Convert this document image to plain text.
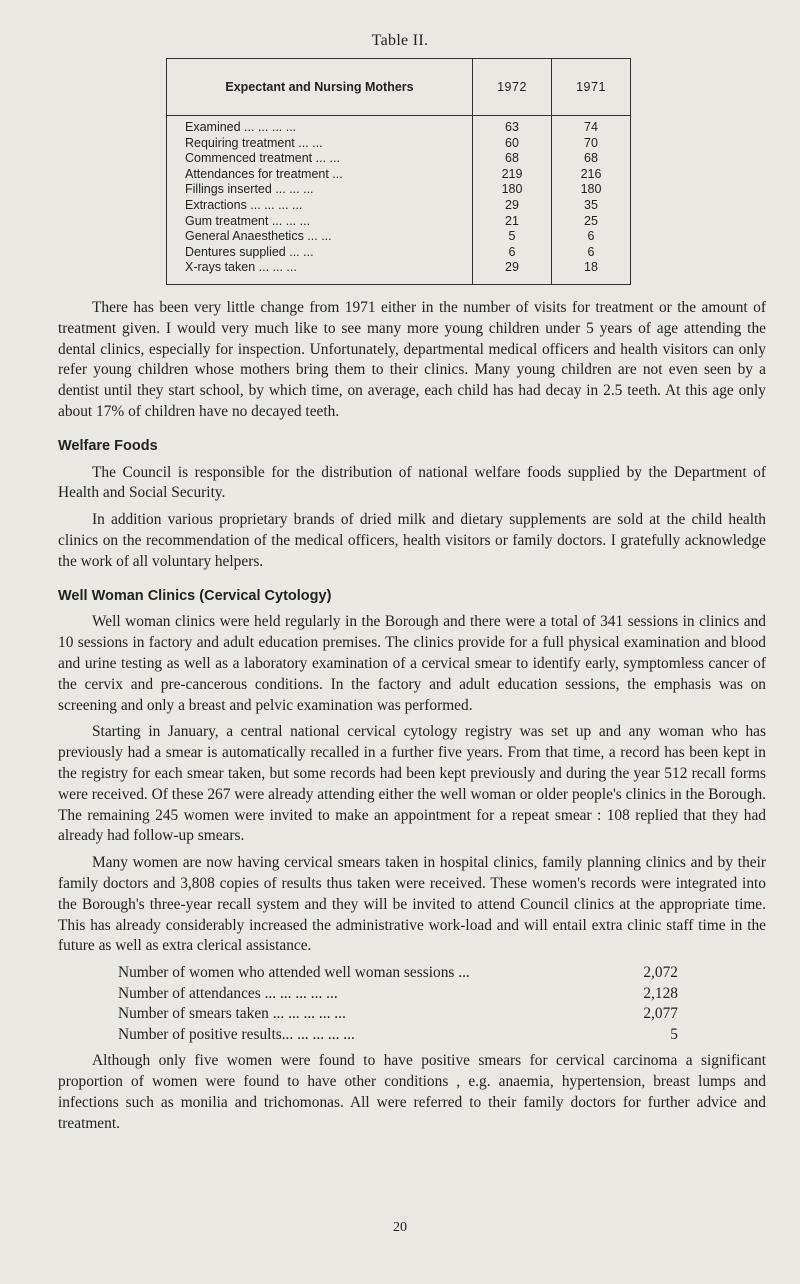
Table II.
Expectant and Nursing Mothers	1972	1971
Examined ... ... ... ...	63	74
Requiring treatment ... ...	60	70
Commenced treatment ... ...	68	68
Attendances for treatment ...	219	216
Fillings inserted ... ... ...	180	180
Extractions ... ... ... ...	29	35
Gum treatment ... ... ...	21	25
General Anaesthetics ... ...	5	6
Dentures supplied ... ...	6	6
X-rays taken ... ... ...	29	18

There has been very little change from 1971 either in the number of visits for treatment or the amount of treatment given. I would very much like to see many more young children under 5 years of age attending the dental clinics, especially for inspection. Unfortunately, departmental medical officers and health visitors can only refer young children whose mothers bring them to their clinics. Many young children are not even seen by a dentist until they start school, by which time, on average, each child has had decay in 2.5 teeth. At this age only about 17% of children have no decayed teeth.

Welfare Foods

The Council is responsible for the distribution of national welfare foods supplied by the Department of Health and Social Security.

In addition various proprietary brands of dried milk and dietary supplements are sold at the child health clinics on the recommendation of the medical officers, health visitors or family doctors. I gratefully acknowledge the work of all voluntary helpers.

Well Woman Clinics (Cervical Cytology)

Well woman clinics were held regularly in the Borough and there were a total of 341 sessions in clinics and 10 sessions in factory and adult education premises. The clinics provide for a full physical examination and blood and urine testing as well as a laboratory examination of a cervical smear to identify early, symptomless cancer of the cervix and pre-cancerous conditions. In the factory and adult education sessions, the emphasis was on screening and only a breast and pelvic examination was performed.

Starting in January, a central national cervical cytology registry was set up and any woman who has previously had a smear is automatically recalled in a further five years. From that time, a record has been kept in the registry for each smear taken, but some records had been kept previously and during the year 512 recall forms were received. Of these 267 were already attending either the well woman or older people's clinics in the Borough. The remaining 245 women were invited to make an appointment for a repeat smear : 108 replied that they had already had follow-up smears.

Many women are now having cervical smears taken in hospital clinics, family planning clinics and by their family doctors and 3,808 copies of results thus taken were received. These women's records were integrated into the Borough's three-year recall system and they will be invited to attend Council clinics at the appropriate time. This has already considerably increased the administrative work-load and will entail extra clinic staff time in the future as well as extra clerical assistance.

Number of women who attended well woman sessions ...	2,072
Number of attendances ... ... ... ... ...	2,128
Number of smears taken ... ... ... ... ...	2,077
Number of positive results... ... ... ... ...	5

Although only five women were found to have positive smears for cervical carcinoma a significant proportion of women were found to have other conditions , e.g. anaemia, hypertension, breast lumps and infections such as monilia and trichomonas. All were referred to their family doctors for further advice and treatment.

20
